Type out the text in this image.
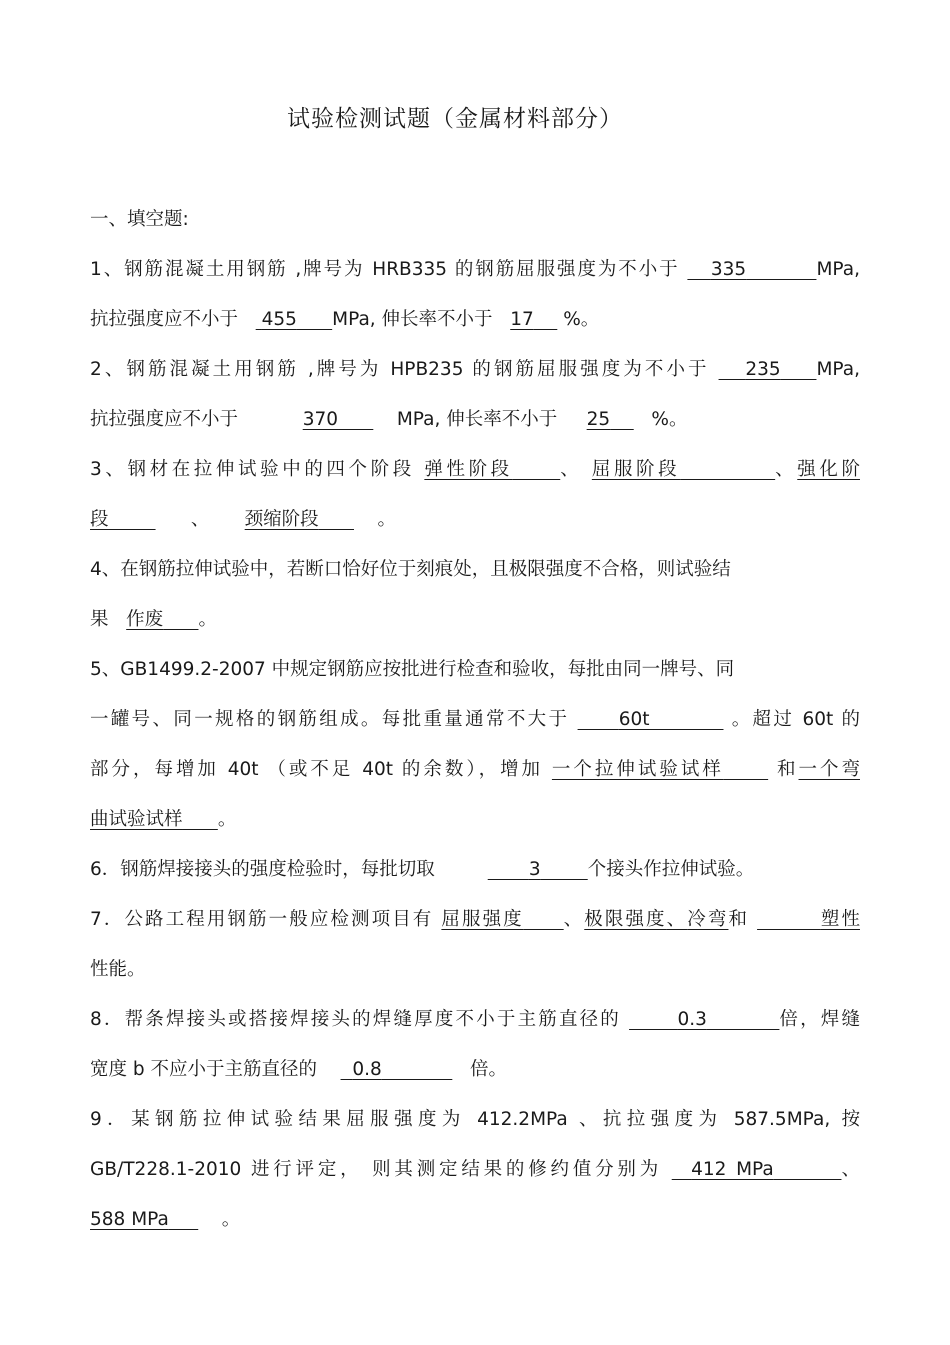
试验检测试题（金属材料部分）
一、填空题:
1、钢筋混凝土用钢筋 ,牌号为 HRB335 的钢筋屈服强度为不小于 335	MPa,
抗拉强度应不小于 455 MPa, 伸长率不小于 17 %。
2、钢筋混凝土用钢筋 ,牌号为 HPB235 的钢筋屈服强度为不小于 235 MPa,
抗拉强度应不小于	370	MPa, 伸长率不小于 25 %。
3、钢材在拉伸试验中的四个阶段 弹性阶段	、 屈服阶段	、强化阶
段	、 颈缩阶段	。
4、在钢筋拉伸试验中，若断口恰好位于刻痕处，且极限强度不合格，则试验结
果 作废 。
5、GB1499.2-2007 中规定钢筋应按批进行检查和验收，每批由同一牌号、同
一罐号、同一规格的钢筋组成。每批重量通常不大于	60t	。超过 60t 的
部分，每增加 40t （或不足 40t 的余数），增加 一个拉伸试验试样	和一个弯
曲试验试样 。
6．钢筋焊接接头的强度检验时，每批切取	3	个接头作拉伸试验。
7．公路工程用钢筋一般应检测项目有 屈服强度 、极限强度、冷弯和	塑性
性能。
8．帮条焊接头或搭接焊接头的焊缝厚度不小于主筋直径的	0.3	倍，焊缝
宽度 b 不应小于主筋直径的 0.8	倍。
9．某钢筋拉伸试验结果屈服强度为 412.2MPa 、抗拉强度为 587.5MPa, 按
GB/T228.1-2010 进行评定， 则其测定结果的修约值分别为 412 MPa	、
588 MPa	。
